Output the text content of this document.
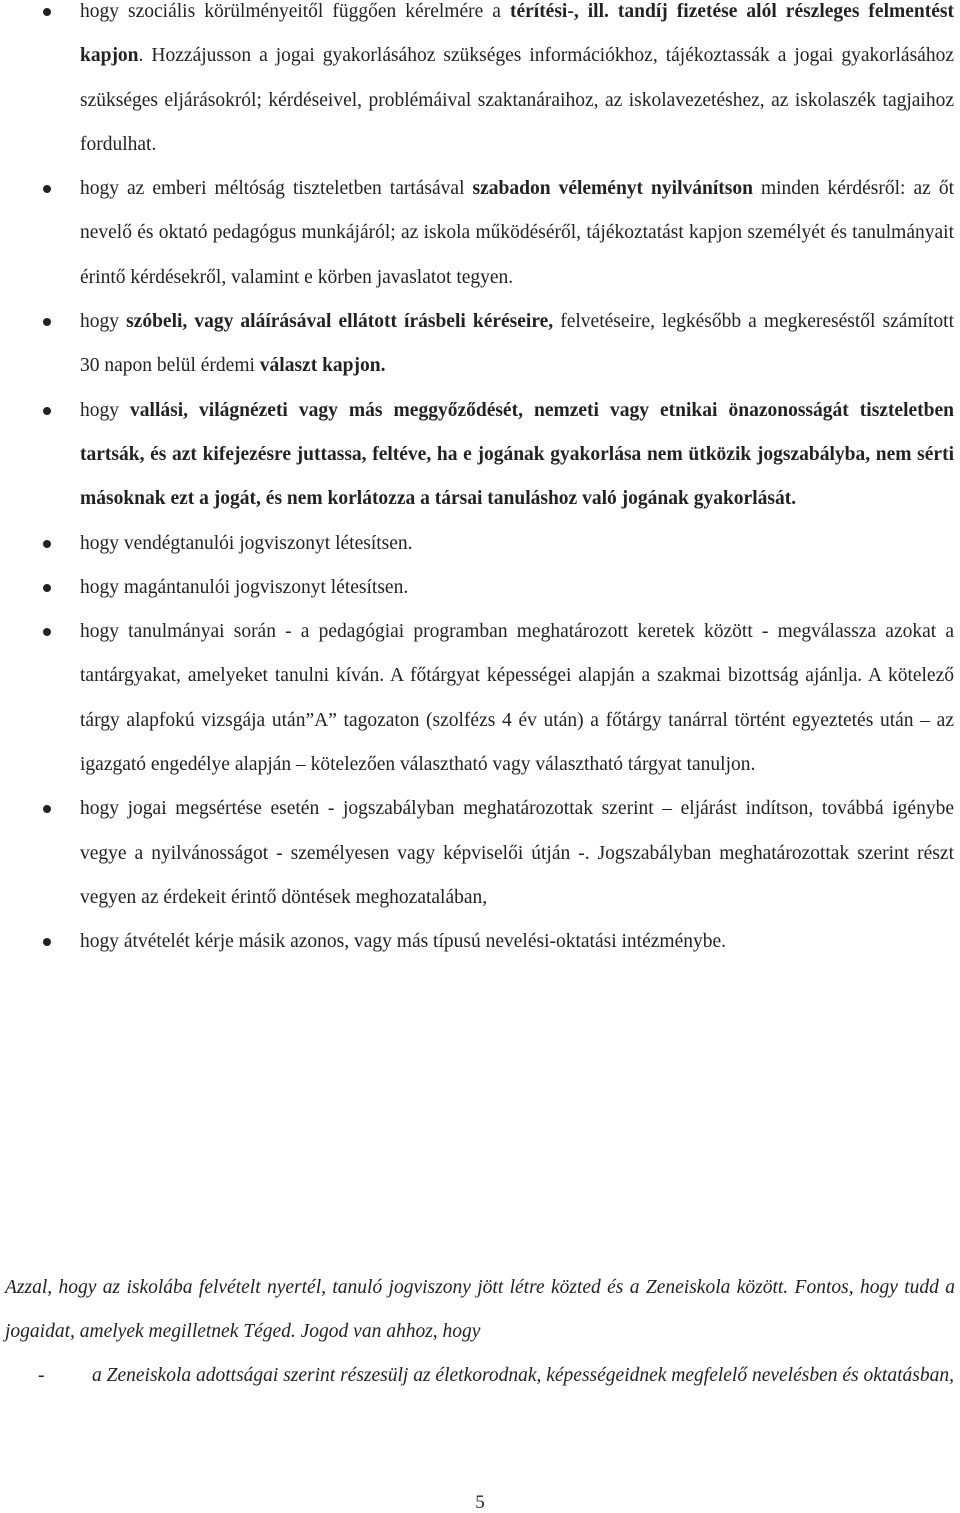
hogy szociális körülményeitől függően kérelmére a térítési-, ill. tandíj fizetése alól részleges felmentést kapjon. Hozzájusson a jogai gyakorlásához szükséges információkhoz, tájékoztassák a jogai gyakorlásához szükséges eljárásokról; kérdéseivel, problémáival szaktanáraihoz, az iskolavezetéshez, az iskolaszék tagjaihoz fordulhat.
hogy az emberi méltóság tiszteletben tartásával szabadon véleményt nyilvánítson minden kérdésről: az őt nevelő és oktató pedagógus munkájáról; az iskola működéséről, tájékoztatást kapjon személyét és tanulmányait érintő kérdésekről, valamint e körben javaslatot tegyen.
hogy szóbeli, vagy aláírásával ellátott írásbeli kéréseire, felvetéseire, legkésőbb a megkereséstől számított 30 napon belül érdemi választ kapjon.
hogy vallási, világnézeti vagy más meggyőződését, nemzeti vagy etnikai önazonosságát tiszteletben tartsák, és azt kifejezésre juttassa, feltéve, ha e jogának gyakorlása nem ütközik jogszabályba, nem sérti másoknak ezt a jogát, és nem korlátozza a társai tanuláshoz való jogának gyakorlását.
hogy vendégtanulói jogviszonyt létesítsen.
hogy magántanulói jogviszonyt létesítsen.
hogy tanulmányai során - a pedagógiai programban meghatározott keretek között - megválassza azokat a tantárgyakat, amelyeket tanulni kíván. A főtárgyat képességei alapján a szakmai bizottság ajánlja. A kötelező tárgy alapfokú vizsgája után”A” tagozaton (szolfézs 4 év után) a főtárgy tanárral történt egyeztetés után – az igazgató engedélye alapján – kötelezően választható vagy választható tárgyat tanuljon.
hogy jogai megsértése esetén - jogszabályban meghatározottak szerint – eljárást indítson, továbbá igénybe vegye a nyilvánosságot - személyesen vagy képviselői útján -. Jogszabályban meghatározottak szerint részt vegyen az érdekeit érintő döntések meghozatalában,
hogy átvételét kérje másik azonos, vagy más típusú nevelési-oktatási intézménybe.

Azzal, hogy az iskolába felvételt nyertél, tanuló jogviszony jött létre közted és a Zeneiskola között. Fontos, hogy tudd a jogaidat, amelyek megilletnek Téged. Jogod van ahhoz, hogy

- a Zeneiskola adottságai szerint részesülj az életkorodnak, képességeidnek megfelelő nevelésben és oktatásban,
5
